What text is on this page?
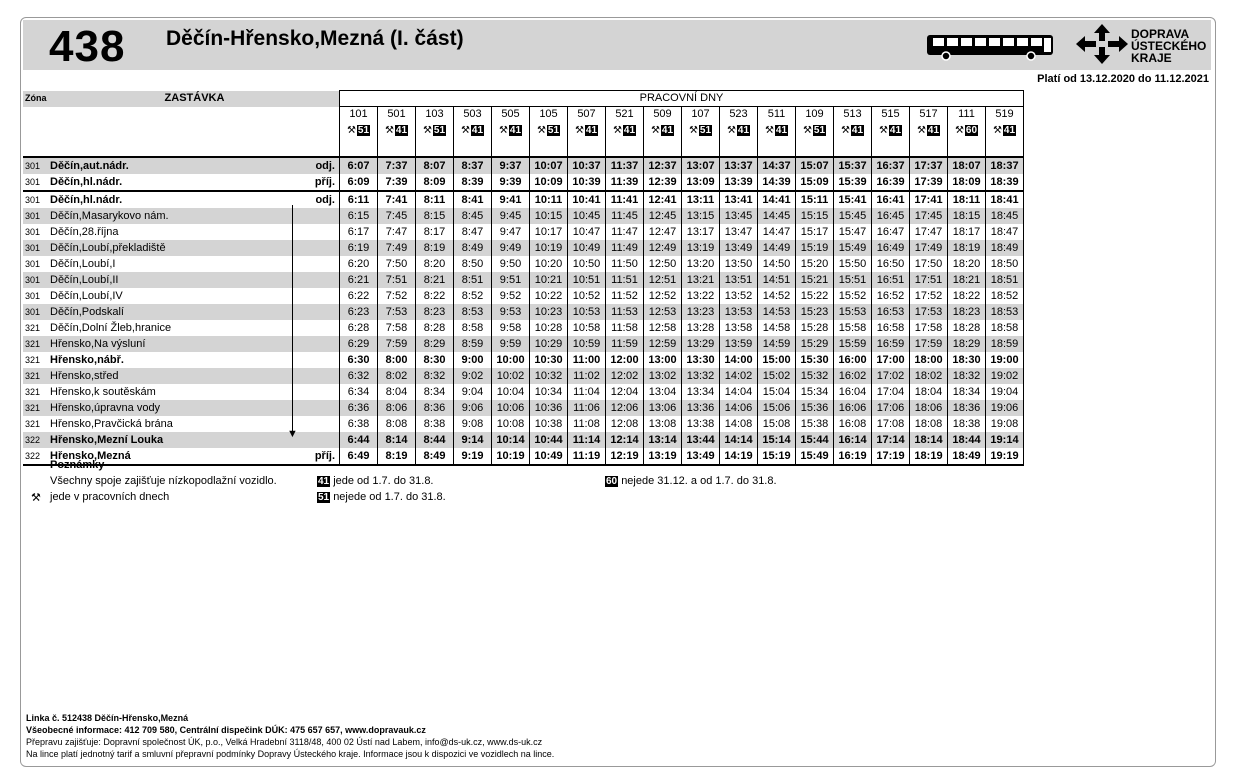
438 Děčín-Hřensko,Mezná (I. část)	DOPRAVA
ÚSTECKÉHO
KRAJE
Platí od 13.12.2020 do 11.12.2021
Zóna	ZASTÁVKA		PRACOVNÍ DNY																	
			101	501	103	503	505	105	507	521	509	107	523	511	109	513	515	517	111	519
			⚒ 51	⚒ 41	⚒ 51	⚒ 41	⚒ 41	⚒ 51	⚒ 41	⚒ 41	⚒ 41	⚒ 51	⚒ 41	⚒ 41	⚒ 51	⚒ 41	⚒ 41	⚒ 41	⚒ 60	⚒ 41

301	Děčín,aut.nádr.	odj.	6:07	7:37	8:07	8:37	9:37	10:07	10:37	11:37	12:37	13:07	13:37	14:37	15:07	15:37	16:37	17:37	18:07	18:37
301	Děčín,hl.nádr.	příj.	6:09	7:39	8:09	8:39	9:39	10:09	10:39	11:39	12:39	13:09	13:39	14:39	15:09	15:39	16:39	17:39	18:09	18:39
301	Děčín,hl.nádr.	odj.	6:11	7:41	8:11	8:41	9:41	10:11	10:41	11:41	12:41	13:11	13:41	14:41	15:11	15:41	16:41	17:41	18:11	18:41
301	Děčín,Masarykovo nám.		6:15	7:45	8:15	8:45	9:45	10:15	10:45	11:45	12:45	13:15	13:45	14:45	15:15	15:45	16:45	17:45	18:15	18:45
301	Děčín,28.října		6:17	7:47	8:17	8:47	9:47	10:17	10:47	11:47	12:47	13:17	13:47	14:47	15:17	15:47	16:47	17:47	18:17	18:47
301	Děčín,Loubí,překladiště		6:19	7:49	8:19	8:49	9:49	10:19	10:49	11:49	12:49	13:19	13:49	14:49	15:19	15:49	16:49	17:49	18:19	18:49
301	Děčín,Loubí,I		6:20	7:50	8:20	8:50	9:50	10:20	10:50	11:50	12:50	13:20	13:50	14:50	15:20	15:50	16:50	17:50	18:20	18:50
301	Děčín,Loubí,II		6:21	7:51	8:21	8:51	9:51	10:21	10:51	11:51	12:51	13:21	13:51	14:51	15:21	15:51	16:51	17:51	18:21	18:51
301	Děčín,Loubí,IV		6:22	7:52	8:22	8:52	9:52	10:22	10:52	11:52	12:52	13:22	13:52	14:52	15:22	15:52	16:52	17:52	18:22	18:52
301	Děčín,Podskalí		6:23	7:53	8:23	8:53	9:53	10:23	10:53	11:53	12:53	13:23	13:53	14:53	15:23	15:53	16:53	17:53	18:23	18:53
321	Děčín,Dolní Žleb,hranice		6:28	7:58	8:28	8:58	9:58	10:28	10:58	11:58	12:58	13:28	13:58	14:58	15:28	15:58	16:58	17:58	18:28	18:58
321	Hřensko,Na výsluní		6:29	7:59	8:29	8:59	9:59	10:29	10:59	11:59	12:59	13:29	13:59	14:59	15:29	15:59	16:59	17:59	18:29	18:59
321	Hřensko,nábř.		6:30	8:00	8:30	9:00	10:00	10:30	11:00	12:00	13:00	13:30	14:00	15:00	15:30	16:00	17:00	18:00	18:30	19:00
321	Hřensko,střed		6:32	8:02	8:32	9:02	10:02	10:32	11:02	12:02	13:02	13:32	14:02	15:02	15:32	16:02	17:02	18:02	18:32	19:02
321	Hřensko,k soutěskám		6:34	8:04	8:34	9:04	10:04	10:34	11:04	12:04	13:04	13:34	14:04	15:04	15:34	16:04	17:04	18:04	18:34	19:04
321	Hřensko,úpravna vody		6:36	8:06	8:36	9:06	10:06	10:36	11:06	12:06	13:06	13:36	14:06	15:06	15:36	16:06	17:06	18:06	18:36	19:06
321	Hřensko,Pravčická brána		6:38	8:08	8:38	9:08	10:08	10:38	11:08	12:08	13:08	13:38	14:08	15:08	15:38	16:08	17:08	18:08	18:38	19:08
322	Hřensko,Mezní Louka		6:44	8:14	8:44	9:14	10:14	10:44	11:14	12:14	13:14	13:44	14:14	15:14	15:44	16:14	17:14	18:14	18:44	19:14
322	Hřensko,Mezná	příj.	6:49	8:19	8:49	9:19	10:19	10:49	11:19	12:19	13:19	13:49	14:19	15:19	15:49	16:19	17:19	18:19	18:49	19:19
▼
Poznámky
Všechny spoje zajišťuje nízkopodlažní vozidlo.
⚒ jede v pracovních dnech
41 jede od 1.7. do 31.8.
51 nejede od 1.7. do 31.8.
60 nejede 31.12. a od 1.7. do 31.8.
Linka č. 512438 Děčín-Hřensko,Mezná
Všeobecné informace: 412 709 580, Centrální dispečink DÚK: 475 657 657, www.dopravauk.cz
Přepravu zajišťuje: Dopravní společnost ÚK, p.o., Velká Hradební 3118/48, 400 02 Ústí nad Labem, info@ds-uk.cz, www.ds-uk.cz
Na lince platí jednotný tarif a smluvní přepravní podmínky Dopravy Ústeckého kraje. Informace jsou k dispozici ve vozidlech na lince.
